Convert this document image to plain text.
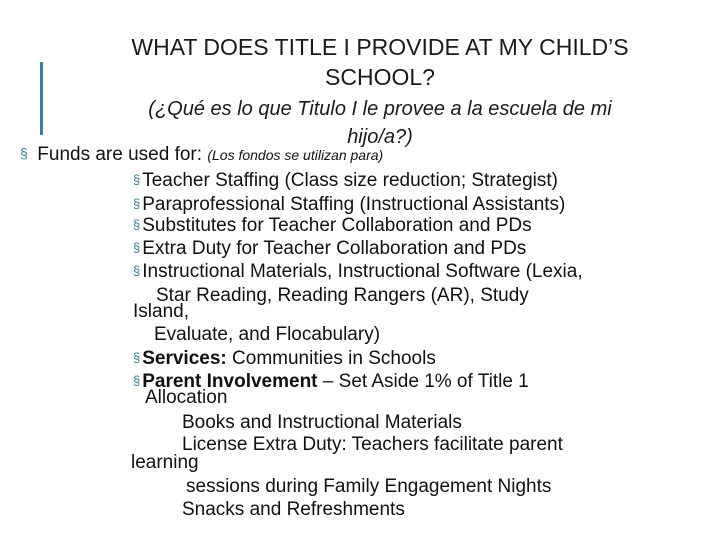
WHAT DOES TITLE I PROVIDE AT MY CHILD’S
SCHOOL?
(¿Qué es lo que Titulo I le provee a la escuela de mi
hijo/a?)
§ Funds are used for: (Los fondos se utilizan para)
§ Teacher Staffing (Class size reduction; Strategist)
§ Paraprofessional Staffing (Instructional Assistants)
§ Substitutes for Teacher Collaboration and PDs
§ Extra Duty for Teacher Collaboration and PDs
§ Instructional Materials, Instructional Software (Lexia,
Star Reading, Reading Rangers (AR), Study
Island,
Evaluate, and Flocabulary)
§ Services: Communities in Schools
§ Parent Involvement – Set Aside 1% of Title 1
Allocation
Books and Instructional Materials
License Extra Duty: Teachers facilitate parent
learning
sessions during Family Engagement Nights
Snacks and Refreshments
